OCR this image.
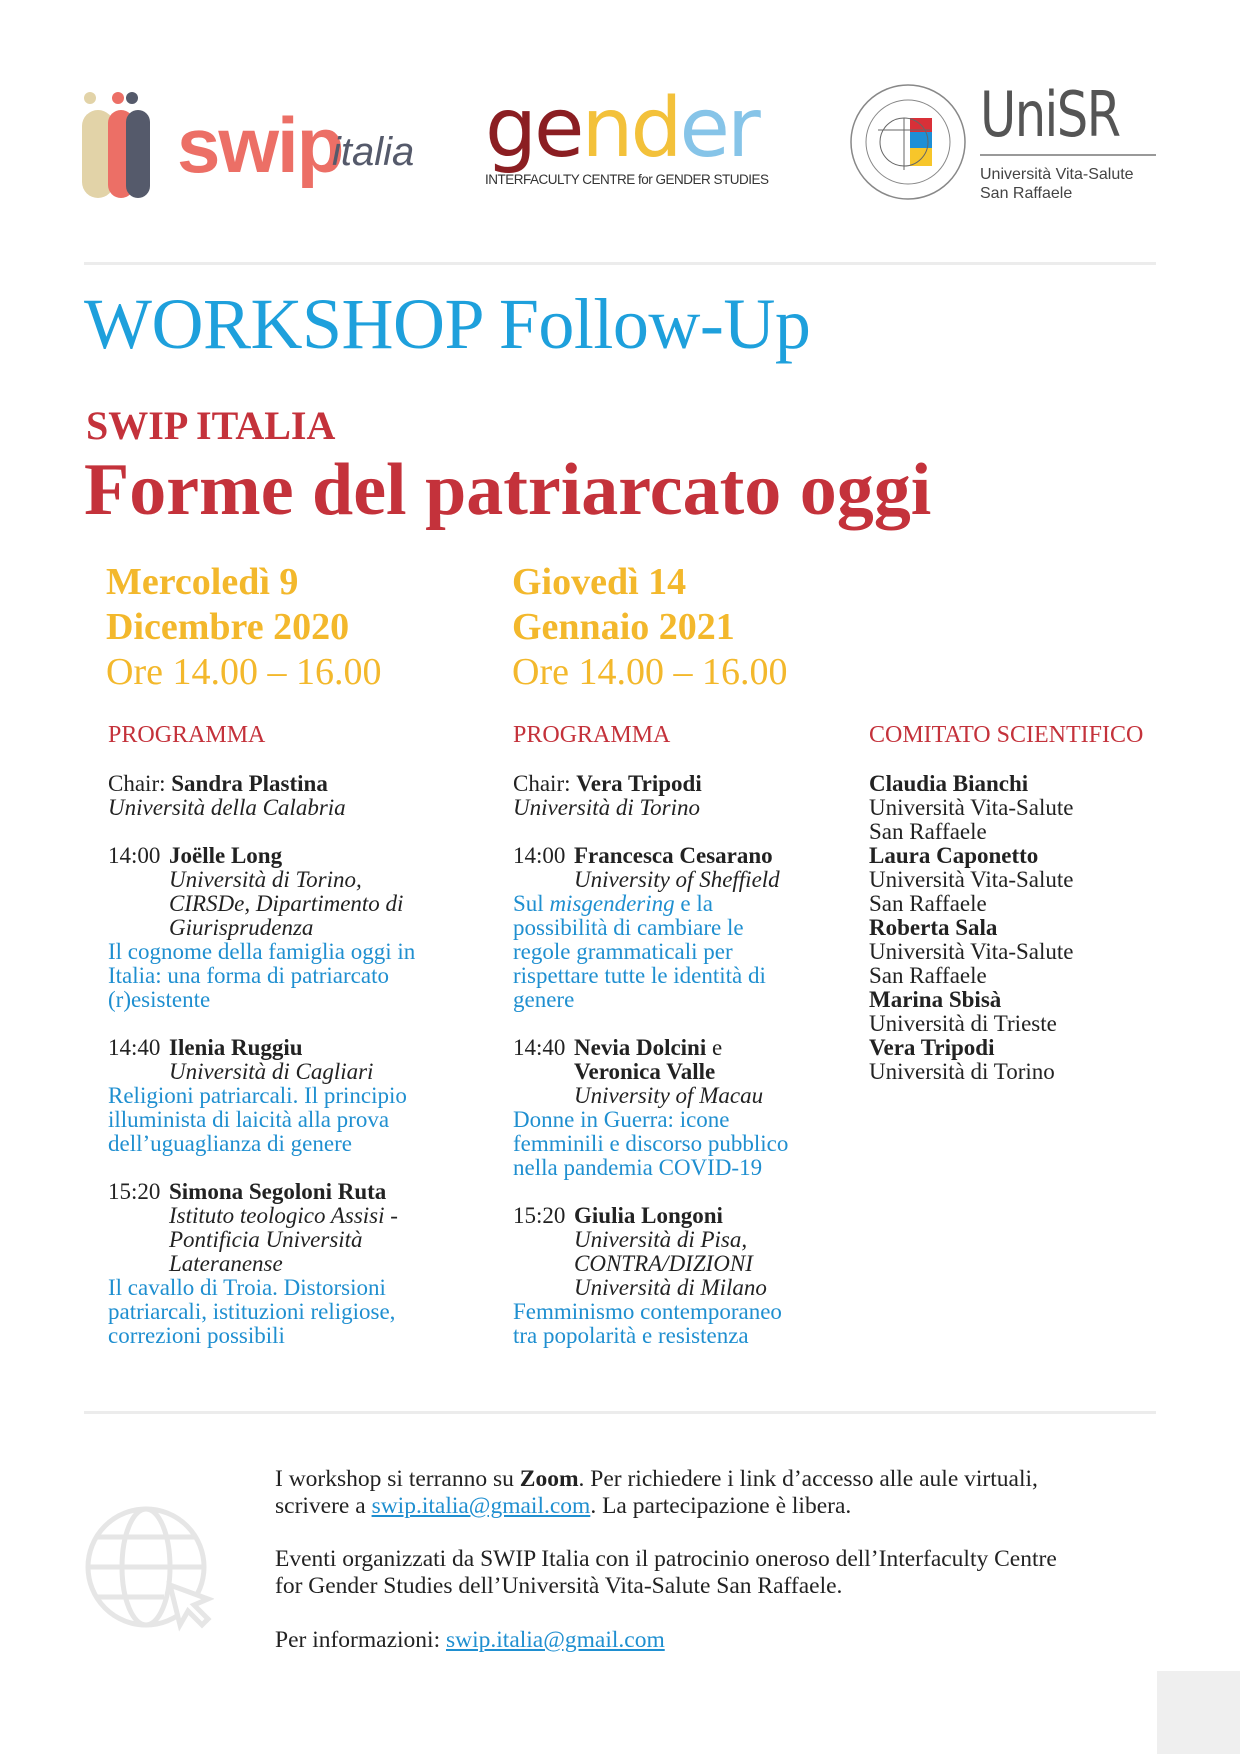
swip
italia gender
INTERFACULTY CENTRE for GENDER STUDIES
UniSR
Università Vita-Salute
San Raffaele
WORKSHOP Follow-Up
SWIP ITALIA
Forme del patriarcato oggi
Mercoledì 9
Dicembre 2020
Ore 14.00 – 16.00
Giovedì 14
Gennaio 2021
Ore 14.00 – 16.00
PROGRAMMA
Chair: Sandra Plastina
Università della Calabria
14:00 Joëlle Long
Università di Torino,
CIRSDe, Dipartimento di
Giurisprudenza
Il cognome della famiglia oggi in
Italia: una forma di patriarcato
(r)esistente
14:40 Ilenia Ruggiu
Università di Cagliari
Religioni patriarcali. Il principio
illuminista di laicità alla prova
dell’uguaglianza di genere
15:20 Simona Segoloni Ruta
Istituto teologico Assisi -
Pontificia Università
Lateranense
Il cavallo di Troia. Distorsioni
patriarcali, istituzioni religiose,
correzioni possibili
PROGRAMMA
Chair: Vera Tripodi
Università di Torino
14:00 Francesca Cesarano
University of Sheffield
Sul misgendering e la
possibilità di cambiare le
regole grammaticali per
rispettare tutte le identità di
genere
14:40 Nevia Dolcini e
Veronica Valle
University of Macau
Donne in Guerra: icone
femminili e discorso pubblico
nella pandemia COVID-19
15:20 Giulia Longoni
Università di Pisa,
CONTRA/DIZIONI
Università di Milano
Femminismo contemporaneo
tra popolarità e resistenza
COMITATO SCIENTIFICO
Claudia Bianchi
Università Vita-Salute
San Raffaele
Laura Caponetto
Università Vita-Salute
San Raffaele
Roberta Sala
Università Vita-Salute
San Raffaele
Marina Sbisà
Università di Trieste
Vera Tripodi
Università di Torino
I workshop si terranno su Zoom. Per richiedere i link d’accesso alle aule virtuali,
scrivere a swip.italia@gmail.com. La partecipazione è libera.
Eventi organizzati da SWIP Italia con il patrocinio oneroso dell’Interfaculty Centre
for Gender Studies dell’Università Vita-Salute San Raffaele.
Per informazioni: swip.italia@gmail.com
